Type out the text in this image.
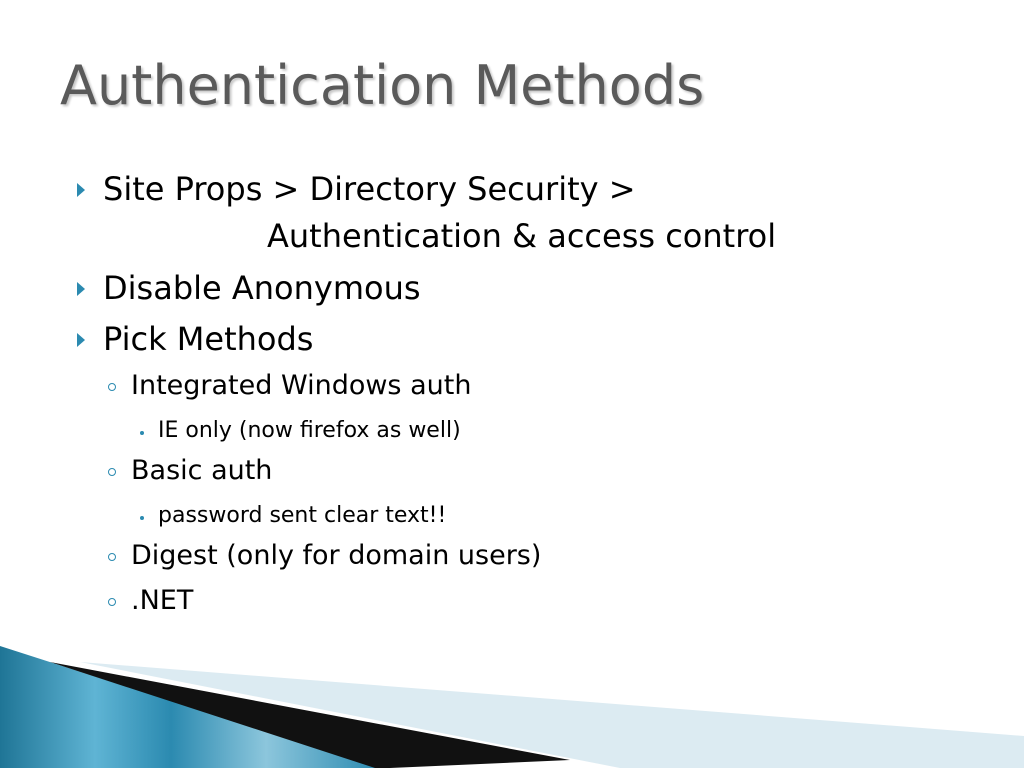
Authentication Methods
Site Props > Directory Security >
Authentication & access control
Disable Anonymous
Pick Methods
Integrated Windows auth
IE only (now firefox as well)
Basic auth
password sent clear text!!
Digest (only for domain users)
.NET
